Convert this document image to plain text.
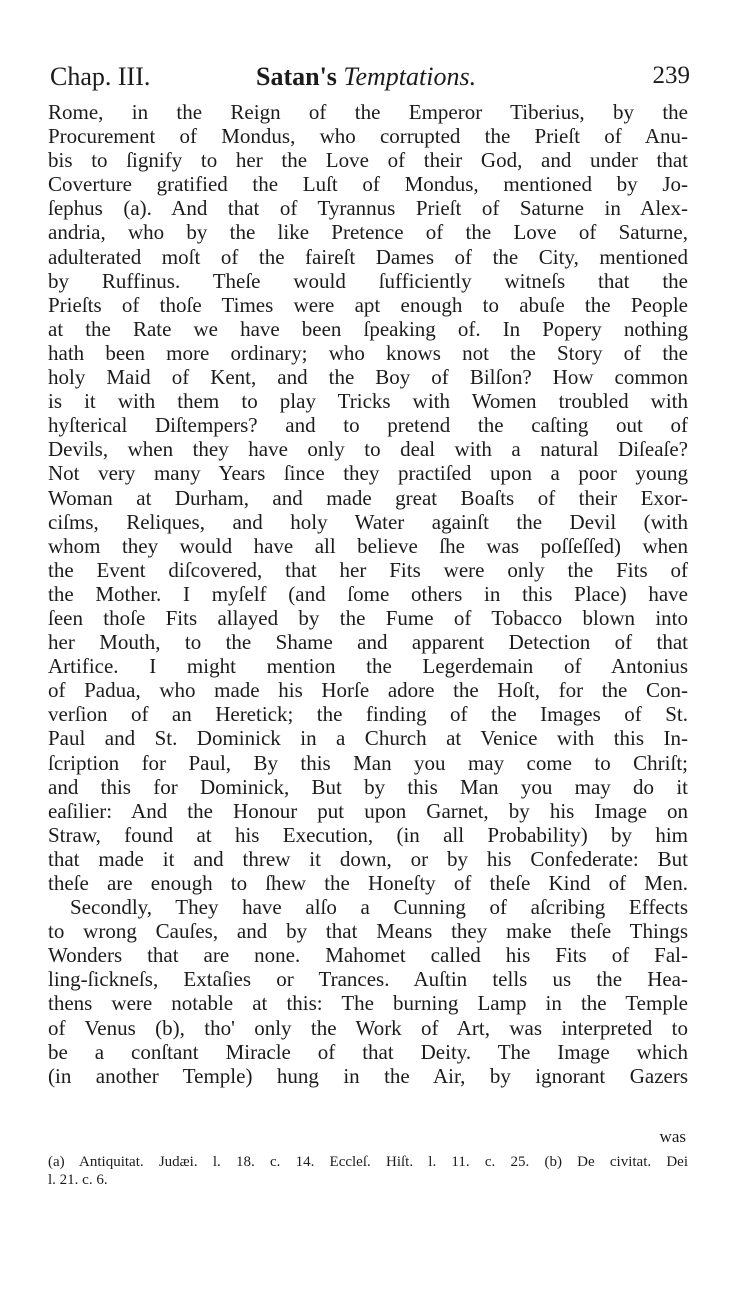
Chap. III.	Satan's Temptations.	239
Rome, in the Reign of the Emperor Tiberius, by the
Procurement of Mondus, who corrupted the Prieſt of Anu-
bis to ſignify to her the Love of their God, and under that
Coverture gratified the Luſt of Mondus, mentioned by Jo-
ſephus (a). And that of Tyrannus Prieſt of Saturne in Alex-
andria, who by the like Pretence of the Love of Saturne,
adulterated moſt of the faireſt Dames of the City, mentioned
by Ruffinus. Theſe would ſufficiently witneſs that the
Prieſts of thoſe Times were apt enough to abuſe the People
at the Rate we have been ſpeaking of. In Popery nothing
hath been more ordinary; who knows not the Story of the
holy Maid of Kent, and the Boy of Bilſon? How common
is it with them to play Tricks with Women troubled with
hyſterical Diſtempers? and to pretend the caſting out of
Devils, when they have only to deal with a natural Diſeaſe?
Not very many Years ſince they practiſed upon a poor young
Woman at Durham, and made great Boaſts of their Exor-
ciſms, Reliques, and holy Water againſt the Devil (with
whom they would have all believe ſhe was poſſeſſed) when
the Event diſcovered, that her Fits were only the Fits of
the Mother. I myſelf (and ſome others in this Place) have
ſeen thoſe Fits allayed by the Fume of Tobacco blown into
her Mouth, to the Shame and apparent Detection of that
Artifice. I might mention the Legerdemain of Antonius
of Padua, who made his Horſe adore the Hoſt, for the Con-
verſion of an Heretick; the finding of the Images of St.
Paul and St. Dominick in a Church at Venice with this In-
ſcription for Paul, By this Man you may come to Chriſt;
and this for Dominick, But by this Man you may do it
eaſilier: And the Honour put upon Garnet, by his Image on
Straw, found at his Execution, (in all Probability) by him
that made it and threw it down, or by his Confederate: But
theſe are enough to ſhew the Honeſty of theſe Kind of Men.
Secondly, They have alſo a Cunning of aſcribing Effects
to wrong Cauſes, and by that Means they make theſe Things
Wonders that are none. Mahomet called his Fits of Fal-
ling-ſickneſs, Extaſies or Trances. Auſtin tells us the Hea-
thens were notable at this: The burning Lamp in the Temple
of Venus (b), tho' only the Work of Art, was interpreted to
be a conſtant Miracle of that Deity. The Image which
(in another Temple) hung in the Air, by ignorant Gazers
was
(a) Antiquitat. Judæi. l. 18. c. 14. Eccleſ. Hiſt. l. 11. c. 25. (b) De civitat. Dei
l. 21. c. 6.
